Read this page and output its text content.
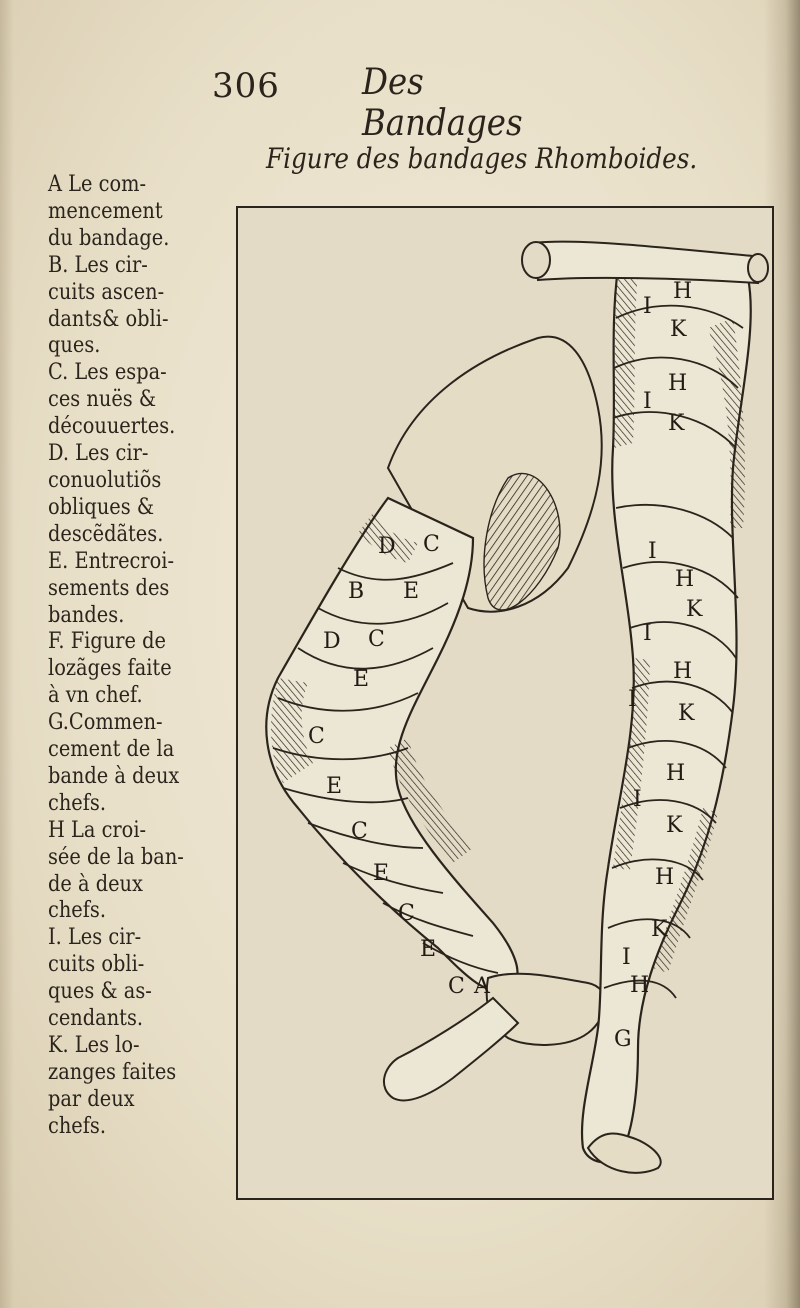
306 Des Bandages
Figure des bandages Rhomboides.
A Le com-
mencement
du bandage.
B. Les cir-
cuits ascen-
dants& obli-
ques.
C. Les espa-
ces nuës &
découuertes.
D. Les cir-
conuolutiõs
obliques &
descẽdãtes.
E. Entrecroi-
sements des
bandes.
F. Figure de
lozãges faite
à vn chef.
G.Commen-
cement de la
bande à deux
chefs.
H La croi-
sée de la ban-
de à deux
chefs.
I. Les cir-
cuits obli-
ques & as-
cendants.
K. Les lo-
zanges faites
par deux
chefs.
D C
B E
D C
E
C
E
C
E
C
E
C A
H
I
K
H
I
K
I
H
K
I
H
I
K
H
I
K
H
K
I
H
G
